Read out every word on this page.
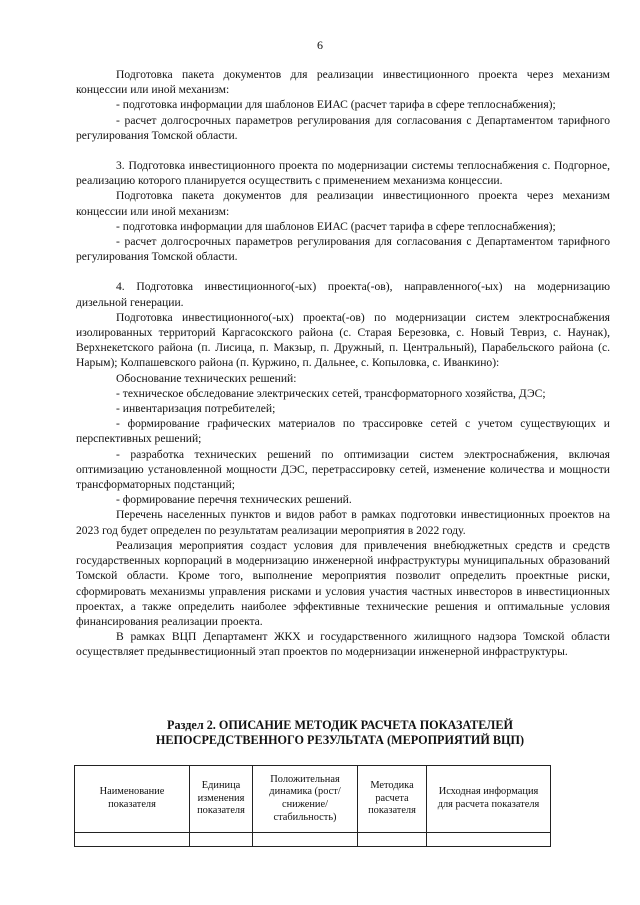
6

Подготовка пакета документов для реализации инвестиционного проекта через механизм концессии или иной механизм:

- подготовка информации для шаблонов ЕИАС (расчет тарифа в сфере теплоснабжения);

- расчет долгосрочных параметров регулирования для согласования с Департаментом тарифного регулирования Томской области.

3. Подготовка инвестиционного проекта по модернизации системы теплоснабжения с. Подгорное, реализацию которого планируется осуществить с применением механизма концессии.

Подготовка пакета документов для реализации инвестиционного проекта через механизм концессии или иной механизм:

- подготовка информации для шаблонов ЕИАС (расчет тарифа в сфере теплоснабжения);

- расчет долгосрочных параметров регулирования для согласования с Департаментом тарифного регулирования Томской области.

4. Подготовка инвестиционного(-ых) проекта(-ов), направленного(-ых) на модернизацию дизельной генерации.

Подготовка инвестиционного(-ых) проекта(-ов) по модернизации систем электроснабжения изолированных территорий Каргасокского района (с. Старая Березовка, с. Новый Тевриз, с. Наунак), Верхнекетского района (п. Лисица, п. Макзыр, п. Дружный, п. Центральный), Парабельского района (с. Нарым); Колпашевского района (п. Куржино, п. Дальнее, с. Копыловка, с. Иванкино):

Обоснование технических решений:

- техническое обследование электрических сетей, трансформаторного хозяйства, ДЭС;

- инвентаризация потребителей;

- формирование графических материалов по трассировке сетей с учетом существующих и перспективных решений;

- разработка технических решений по оптимизации систем электроснабжения, включая оптимизацию установленной мощности ДЭС, перетрассировку сетей, изменение количества и мощности трансформаторных подстанций;

- формирование перечня технических решений.

Перечень населенных пунктов и видов работ в рамках подготовки инвестиционных проектов на 2023 год будет определен по результатам реализации мероприятия в 2022 году.

Реализация мероприятия создаст условия для привлечения внебюджетных средств и средств государственных корпораций в модернизацию инженерной инфраструктуры муниципальных образований Томской области. Кроме того, выполнение мероприятия позволит определить проектные риски, сформировать механизмы управления рисками и условия участия частных инвесторов в инвестиционных проектах, а также определить наиболее эффективные технические решения и оптимальные условия финансирования реализации проекта.

В рамках ВЦП Департамент ЖКХ и государственного жилищного надзора Томской области осуществляет предынвестиционный этап проектов по модернизации инженерной инфраструктуры.

Раздел 2. ОПИСАНИЕ МЕТОДИК РАСЧЕТА ПОКАЗАТЕЛЕЙ
НЕПОСРЕДСТВЕННОГО РЕЗУЛЬТАТА (МЕРОПРИЯТИЙ ВЦП)
Наименование показателя	Единица изменения показателя	Положительная динамика (рост/снижение/стабильность)	Методика расчета показателя	Исходная информация для расчета показателя
